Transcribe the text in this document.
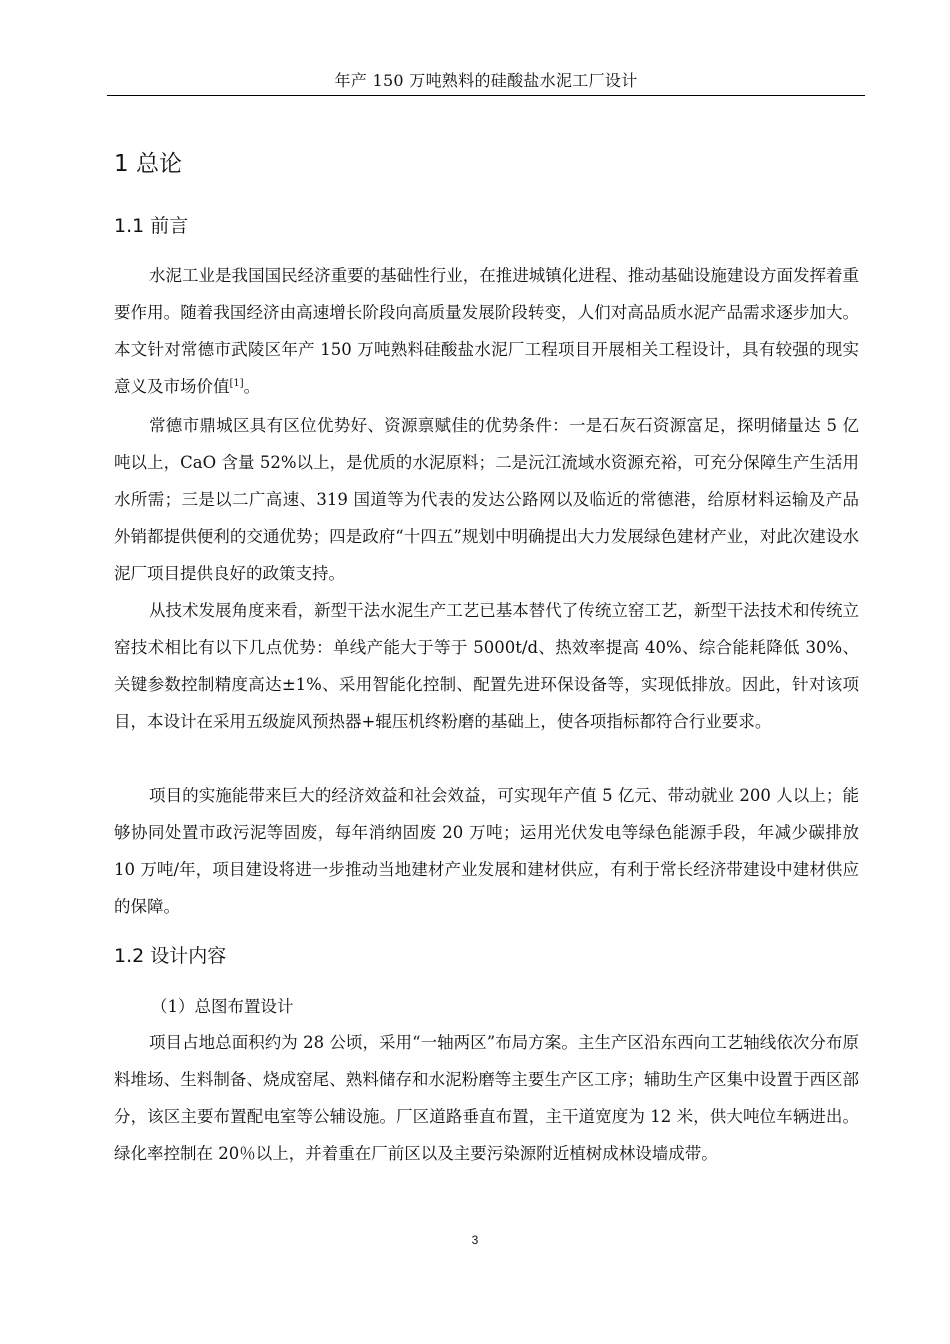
年产 150 万吨熟料的硅酸盐水泥工厂设计
1 总论
1.1 前言

水泥工业是我国国民经济重要的基础性行业，在推进城镇化进程、推动基础设施建设方面发挥着重要作用。随着我国经济由高速增长阶段向高质量发展阶段转变，人们对高品质水泥产品需求逐步加大。本文针对常德市武陵区年产 150 万吨熟料硅酸盐水泥厂工程项目开展相关工程设计，具有较强的现实意义及市场价值[1]。

常德市鼎城区具有区位优势好、资源禀赋佳的优势条件：一是石灰石资源富足，探明储量达 5 亿吨以上，CaO 含量 52%以上，是优质的水泥原料；二是沅江流域水资源充裕，可充分保障生产生活用水所需；三是以二广高速、319 国道等为代表的发达公路网以及临近的常德港，给原材料运输及产品外销都提供便利的交通优势；四是政府“十四五”规划中明确提出大力发展绿色建材产业，对此次建设水泥厂项目提供良好的政策支持。

从技术发展角度来看，新型干法水泥生产工艺已基本替代了传统立窑工艺，新型干法技术和传统立窑技术相比有以下几点优势：单线产能大于等于 5000t/d、热效率提高 40%、综合能耗降低 30%、关键参数控制精度高达±1%、采用智能化控制、配置先进环保设备等，实现低排放。因此，针对该项目，本设计在采用五级旋风预热器+辊压机终粉磨的基础上，使各项指标都符合行业要求。

项目的实施能带来巨大的经济效益和社会效益，可实现年产值 5 亿元、带动就业 200 人以上；能够协同处置市政污泥等固废，每年消纳固废 20 万吨；运用光伏发电等绿色能源手段，年减少碳排放 10 万吨/年，项目建设将进一步推动当地建材产业发展和建材供应，有利于常长经济带建设中建材供应的保障。

1.2 设计内容
（1）总图布置设计

项目占地总面积约为 28 公顷，采用“一轴两区”布局方案。主生产区沿东西向工艺轴线依次分布原料堆场、生料制备、烧成窑尾、熟料储存和水泥粉磨等主要生产区工序；辅助生产区集中设置于西区部分，该区主要布置配电室等公辅设施。厂区道路垂直布置，主干道宽度为 12 米，供大吨位车辆进出。绿化率控制在 20％以上，并着重在厂前区以及主要污染源附近植树成林设墙成带。

3
